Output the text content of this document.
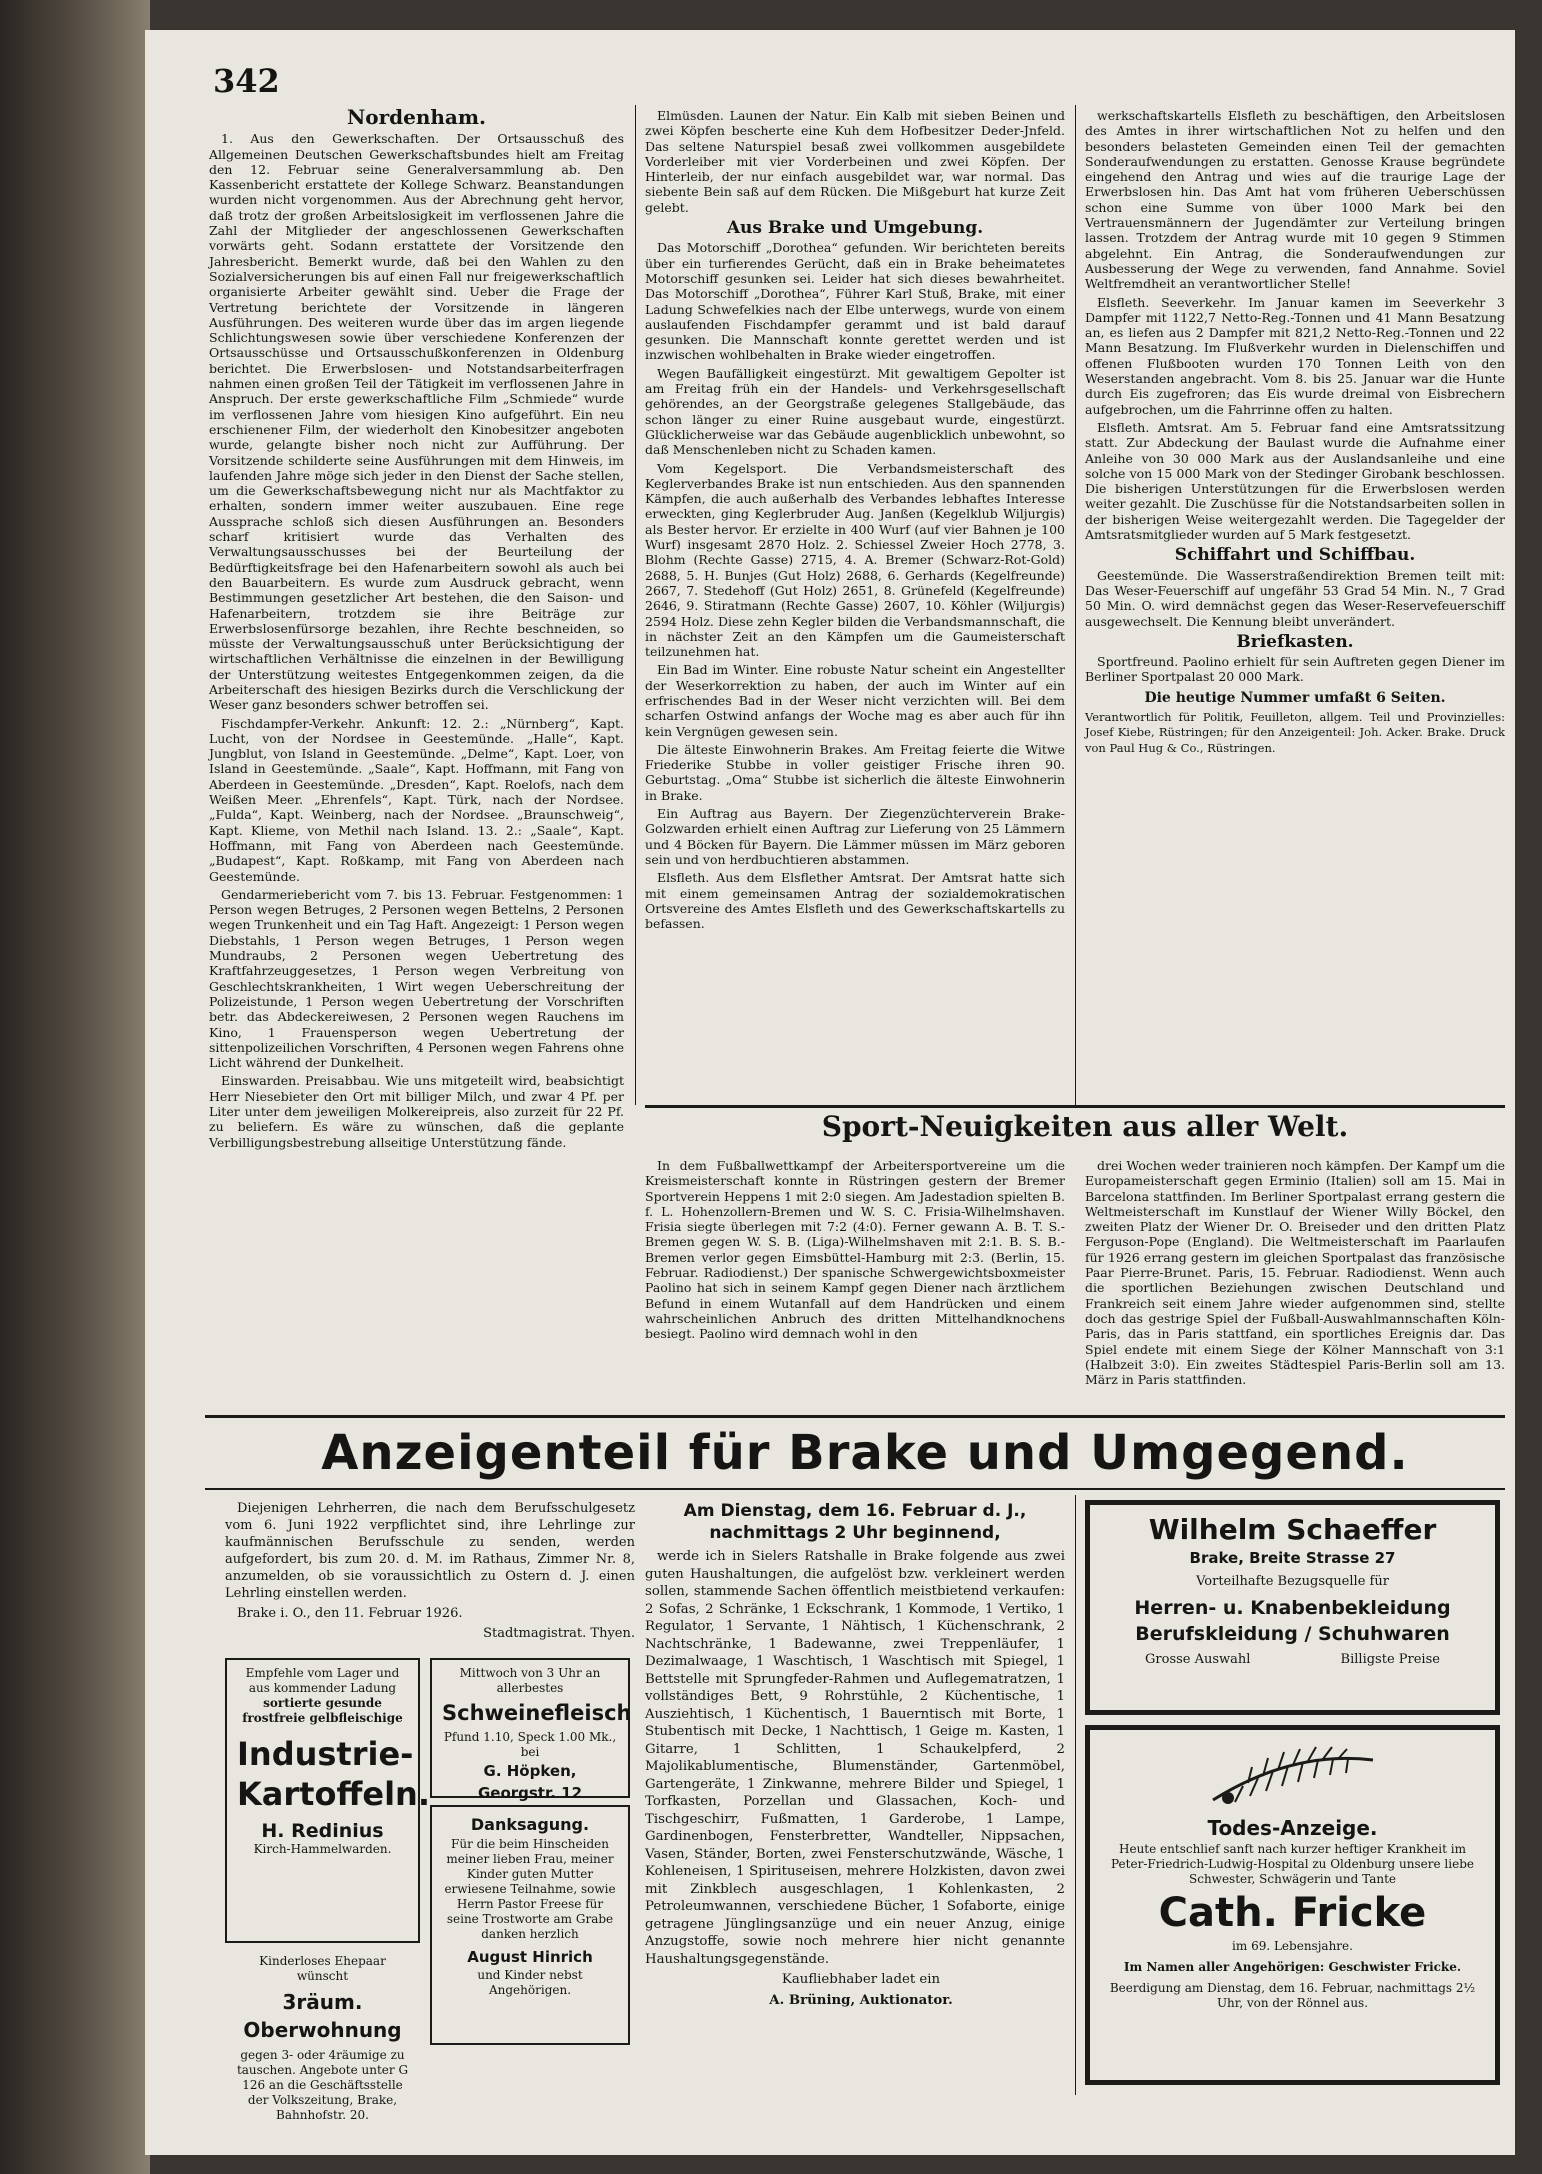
342
Nordenham.

1. Aus den Gewerkschaften. Der Ortsausschuß des Allgemeinen Deutschen Gewerkschaftsbundes hielt am Freitag den 12. Februar seine Generalversammlung ab. Den Kassenbericht erstattete der Kollege Schwarz. Beanstandungen wurden nicht vorgenommen. Aus der Abrechnung geht hervor, daß trotz der großen Arbeitslosigkeit im verflossenen Jahre die Zahl der Mitglieder der angeschlossenen Gewerkschaften vorwärts geht. Sodann erstattete der Vorsitzende den Jahresbericht. Bemerkt wurde, daß bei den Wahlen zu den Sozialversicherungen bis auf einen Fall nur freigewerkschaftlich organisierte Arbeiter gewählt sind. Ueber die Frage der Vertretung berichtete der Vorsitzende in längeren Ausführungen. Des weiteren wurde über das im argen liegende Schlichtungswesen sowie über verschiedene Konferenzen der Ortsausschüsse und Ortsausschußkonferenzen in Oldenburg berichtet. Die Erwerbslosen- und Notstandsarbeiterfragen nahmen einen großen Teil der Tätigkeit im verflossenen Jahre in Anspruch. Der erste gewerkschaftliche Film „Schmiede“ wurde im verflossenen Jahre vom hiesigen Kino aufgeführt. Ein neu erschienener Film, der wiederholt den Kinobesitzer angeboten wurde, gelangte bisher noch nicht zur Aufführung. Der Vorsitzende schilderte seine Ausführungen mit dem Hinweis, im laufenden Jahre möge sich jeder in den Dienst der Sache stellen, um die Gewerkschaftsbewegung nicht nur als Machtfaktor zu erhalten, sondern immer weiter auszubauen. Eine rege Aussprache schloß sich diesen Ausführungen an. Besonders scharf kritisiert wurde das Verhalten des Verwaltungsausschusses bei der Beurteilung der Bedürftigkeitsfrage bei den Hafenarbeitern sowohl als auch bei den Bauarbeitern. Es wurde zum Ausdruck gebracht, wenn Bestimmungen gesetzlicher Art bestehen, die den Saison- und Hafenarbeitern, trotzdem sie ihre Beiträge zur Erwerbslosenfürsorge bezahlen, ihre Rechte beschneiden, so müsste der Verwaltungsausschuß unter Berücksichtigung der wirtschaftlichen Verhältnisse die einzelnen in der Bewilligung der Unterstützung weitestes Entgegenkommen zeigen, da die Arbeiterschaft des hiesigen Bezirks durch die Verschlickung der Weser ganz besonders schwer betroffen sei.

Fischdampfer-Verkehr. Ankunft: 12. 2.: „Nürnberg“, Kapt. Lucht, von der Nordsee in Geestemünde. „Halle“, Kapt. Jungblut, von Island in Geestemünde. „Delme“, Kapt. Loer, von Island in Geestemünde. „Saale“, Kapt. Hoffmann, mit Fang von Aberdeen in Geestemünde. „Dresden“, Kapt. Roelofs, nach dem Weißen Meer. „Ehrenfels“, Kapt. Türk, nach der Nordsee. „Fulda“, Kapt. Weinberg, nach der Nordsee. „Braunschweig“, Kapt. Klieme, von Methil nach Island. 13. 2.: „Saale“, Kapt. Hoffmann, mit Fang von Aberdeen nach Geestemünde. „Budapest“, Kapt. Roßkamp, mit Fang von Aberdeen nach Geestemünde.

Gendarmeriebericht vom 7. bis 13. Februar. Festgenommen: 1 Person wegen Betruges, 2 Personen wegen Bettelns, 2 Personen wegen Trunkenheit und ein Tag Haft. Angezeigt: 1 Person wegen Diebstahls, 1 Person wegen Betruges, 1 Person wegen Mundraubs, 2 Personen wegen Uebertretung des Kraftfahrzeuggesetzes, 1 Person wegen Verbreitung von Geschlechtskrankheiten, 1 Wirt wegen Ueberschreitung der Polizeistunde, 1 Person wegen Uebertretung der Vorschriften betr. das Abdeckereiwesen, 2 Personen wegen Rauchens im Kino, 1 Frauensperson wegen Uebertretung der sittenpolizeilichen Vorschriften, 4 Personen wegen Fahrens ohne Licht während der Dunkelheit.

Einswarden. Preisabbau. Wie uns mitgeteilt wird, beabsichtigt Herr Niesebieter den Ort mit billiger Milch, und zwar 4 Pf. per Liter unter dem jeweiligen Molkereipreis, also zurzeit für 22 Pf. zu beliefern. Es wäre zu wünschen, daß die geplante Verbilligungsbestrebung allseitige Unterstützung fände.

Elmüsden. Launen der Natur. Ein Kalb mit sieben Beinen und zwei Köpfen bescherte eine Kuh dem Hofbesitzer Deder-Jnfeld. Das seltene Naturspiel besaß zwei vollkommen ausgebildete Vorderleiber mit vier Vorderbeinen und zwei Köpfen. Der Hinterleib, der nur einfach ausgebildet war, war normal. Das siebente Bein saß auf dem Rücken. Die Mißgeburt hat kurze Zeit gelebt.

Aus Brake und Umgebung.

Das Motorschiff „Dorothea“ gefunden. Wir berichteten bereits über ein turfierendes Gerücht, daß ein in Brake beheimatetes Motorschiff gesunken sei. Leider hat sich dieses bewahrheitet. Das Motorschiff „Dorothea“, Führer Karl Stuß, Brake, mit einer Ladung Schwefelkies nach der Elbe unterwegs, wurde von einem auslaufenden Fischdampfer gerammt und ist bald darauf gesunken. Die Mannschaft konnte gerettet werden und ist inzwischen wohlbehalten in Brake wieder eingetroffen.

Wegen Baufälligkeit eingestürzt. Mit gewaltigem Gepolter ist am Freitag früh ein der Handels- und Verkehrsgesellschaft gehörendes, an der Georgstraße gelegenes Stallgebäude, das schon länger zu einer Ruine ausgebaut wurde, eingestürzt. Glücklicherweise war das Gebäude augenblicklich unbewohnt, so daß Menschenleben nicht zu Schaden kamen.

Vom Kegelsport. Die Verbandsmeisterschaft des Keglerverbandes Brake ist nun entschieden. Aus den spannenden Kämpfen, die auch außerhalb des Verbandes lebhaftes Interesse erweckten, ging Keglerbruder Aug. Janßen (Kegelklub Wiljurgis) als Bester hervor. Er erzielte in 400 Wurf (auf vier Bahnen je 100 Wurf) insgesamt 2870 Holz. 2. Schiessel Zweier Hoch 2778, 3. Blohm (Rechte Gasse) 2715, 4. A. Bremer (Schwarz-Rot-Gold) 2688, 5. H. Bunjes (Gut Holz) 2688, 6. Gerhards (Kegelfreunde) 2667, 7. Stedehoff (Gut Holz) 2651, 8. Grünefeld (Kegelfreunde) 2646, 9. Stiratmann (Rechte Gasse) 2607, 10. Köhler (Wiljurgis) 2594 Holz. Diese zehn Kegler bilden die Verbandsmannschaft, die in nächster Zeit an den Kämpfen um die Gaumeisterschaft teilzunehmen hat.

Ein Bad im Winter. Eine robuste Natur scheint ein Angestellter der Weserkorrektion zu haben, der auch im Winter auf ein erfrischendes Bad in der Weser nicht verzichten will. Bei dem scharfen Ostwind anfangs der Woche mag es aber auch für ihn kein Vergnügen gewesen sein.

Die älteste Einwohnerin Brakes. Am Freitag feierte die Witwe Friederike Stubbe in voller geistiger Frische ihren 90. Geburtstag. „Oma“ Stubbe ist sicherlich die älteste Einwohnerin in Brake.

Ein Auftrag aus Bayern. Der Ziegenzüchterverein Brake-Golzwarden erhielt einen Auftrag zur Lieferung von 25 Lämmern und 4 Böcken für Bayern. Die Lämmer müssen im März geboren sein und von herdbuchtieren abstammen.

Elsfleth. Aus dem Elsflether Amtsrat. Der Amtsrat hatte sich mit einem gemeinsamen Antrag der sozialdemokratischen Ortsvereine des Amtes Elsfleth und des Gewerkschaftskartells zu befassen.

werkschaftskartells Elsfleth zu beschäftigen, den Arbeitslosen des Amtes in ihrer wirtschaftlichen Not zu helfen und den besonders belasteten Gemeinden einen Teil der gemachten Sonderaufwendungen zu erstatten. Genosse Krause begründete eingehend den Antrag und wies auf die traurige Lage der Erwerbslosen hin. Das Amt hat vom früheren Ueberschüssen schon eine Summe von über 1000 Mark bei den Vertrauensmännern der Jugendämter zur Verteilung bringen lassen. Trotzdem der Antrag wurde mit 10 gegen 9 Stimmen abgelehnt. Ein Antrag, die Sonderaufwendungen zur Ausbesserung der Wege zu verwenden, fand Annahme. Soviel Weltfremdheit an verantwortlicher Stelle!

Elsfleth. Seeverkehr. Im Januar kamen im Seeverkehr 3 Dampfer mit 1122,7 Netto-Reg.-Tonnen und 41 Mann Besatzung an, es liefen aus 2 Dampfer mit 821,2 Netto-Reg.-Tonnen und 22 Mann Besatzung. Im Flußverkehr wurden in Dielenschiffen und offenen Flußbooten wurden 170 Tonnen Leith von den Weserstanden angebracht. Vom 8. bis 25. Januar war die Hunte durch Eis zugefroren; das Eis wurde dreimal von Eisbrechern aufgebrochen, um die Fahrrinne offen zu halten.

Elsfleth. Amtsrat. Am 5. Februar fand eine Amtsratssitzung statt. Zur Abdeckung der Baulast wurde die Aufnahme einer Anleihe von 30 000 Mark aus der Auslandsanleihe und eine solche von 15 000 Mark von der Stedinger Girobank beschlossen. Die bisherigen Unterstützungen für die Erwerbslosen werden weiter gezahlt. Die Zuschüsse für die Notstandsarbeiten sollen in der bisherigen Weise weitergezahlt werden. Die Tagegelder der Amtsratsmitglieder wurden auf 5 Mark festgesetzt.

Schiffahrt und Schiffbau.

Geestemünde. Die Wasserstraßendirektion Bremen teilt mit: Das Weser-Feuerschiff auf ungefähr 53 Grad 54 Min. N., 7 Grad 50 Min. O. wird demnächst gegen das Weser-Reservefeuerschiff ausgewechselt. Die Kennung bleibt unverändert.

Briefkasten.

Sportfreund. Paolino erhielt für sein Auftreten gegen Diener im Berliner Sportpalast 20 000 Mark.

Die heutige Nummer umfaßt 6 Seiten.

Verantwortlich für Politik, Feuilleton, allgem. Teil und Provinzielles: Josef Kiebe, Rüstringen; für den Anzeigenteil: Joh. Acker. Brake. Druck von Paul Hug & Co., Rüstringen.

Sport-Neuigkeiten aus aller Welt.

In dem Fußballwettkampf der Arbeitersportvereine um die Kreismeisterschaft konnte in Rüstringen gestern der Bremer Sportverein Heppens 1 mit 2:0 siegen. Am Jadestadion spielten B. f. L. Hohenzollern-Bremen und W. S. C. Frisia-Wilhelmshaven. Frisia siegte überlegen mit 7:2 (4:0). Ferner gewann A. B. T. S.-Bremen gegen W. S. B. (Liga)-Wilhelmshaven mit 2:1. B. S. B.-Bremen verlor gegen Eimsbüttel-Hamburg mit 2:3. (Berlin, 15. Februar. Radiodienst.) Der spanische Schwergewichtsboxmeister Paolino hat sich in seinem Kampf gegen Diener nach ärztlichem Befund in einem Wutanfall auf dem Handrücken und einem wahrscheinlichen Anbruch des dritten Mittelhandknochens besiegt. Paolino wird demnach wohl in den

drei Wochen weder trainieren noch kämpfen. Der Kampf um die Europameisterschaft gegen Erminio (Italien) soll am 15. Mai in Barcelona stattfinden. Im Berliner Sportpalast errang gestern die Weltmeisterschaft im Kunstlauf der Wiener Willy Böckel, den zweiten Platz der Wiener Dr. O. Breiseder und den dritten Platz Ferguson-Pope (England). Die Weltmeisterschaft im Paarlaufen für 1926 errang gestern im gleichen Sportpalast das französische Paar Pierre-Brunet. Paris, 15. Februar. Radiodienst. Wenn auch die sportlichen Beziehungen zwischen Deutschland und Frankreich seit einem Jahre wieder aufgenommen sind, stellte doch das gestrige Spiel der Fußball-Auswahlmannschaften Köln-Paris, das in Paris stattfand, ein sportliches Ereignis dar. Das Spiel endete mit einem Siege der Kölner Mannschaft von 3:1 (Halbzeit 3:0). Ein zweites Städtespiel Paris-Berlin soll am 13. März in Paris stattfinden.

Anzeigenteil für Brake und Umgegend.

Diejenigen Lehrherren, die nach dem Berufsschulgesetz vom 6. Juni 1922 verpflichtet sind, ihre Lehrlinge zur kaufmännischen Berufsschule zu senden, werden aufgefordert, bis zum 20. d. M. im Rathaus, Zimmer Nr. 8, anzumelden, ob sie voraussichtlich zu Ostern d. J. einen Lehrling einstellen werden.

Brake i. O., den 11. Februar 1926.

Stadtmagistrat. Thyen.

Empfehle vom Lager und aus kommender Ladung
sortierte gesunde frostfreie gelbfleischige
Industrie-Kartoffeln.
H. Redinius
Kirch-Hammelwarden.
Kinderloses Ehepaar wünscht
3räum. Oberwohnung
gegen 3- oder 4räumige zu tauschen. Angebote unter G 126 an die Geschäftsstelle der Volkszeitung, Brake, Bahnhofstr. 20.
Mittwoch von 3 Uhr an allerbestes
Schweinefleisch
Pfund 1.10, Speck 1.00 Mk., bei
G. Höpken, Georgstr. 12
Danksagung.
Für die beim Hinscheiden meiner lieben Frau, meiner Kinder guten Mutter erwiesene Teilnahme, sowie Herrn Pastor Freese für seine Trostworte am Grabe danken herzlich
August Hinrich
und Kinder nebst Angehörigen.
Am Dienstag, dem 16. Februar d. J., nachmittags 2 Uhr beginnend,

werde ich in Sielers Ratshalle in Brake folgende aus zwei guten Haushaltungen, die aufgelöst bzw. verkleinert werden sollen, stammende Sachen öffentlich meistbietend verkaufen: 2 Sofas, 2 Schränke, 1 Eckschrank, 1 Kommode, 1 Vertiko, 1 Regulator, 1 Servante, 1 Nähtisch, 1 Küchenschrank, 2 Nachtschränke, 1 Badewanne, zwei Treppenläufer, 1 Dezimalwaage, 1 Waschtisch, 1 Waschtisch mit Spiegel, 1 Bettstelle mit Sprungfeder-Rahmen und Auflegematratzen, 1 vollständiges Bett, 9 Rohrstühle, 2 Küchentische, 1 Ausziehtisch, 1 Küchentisch, 1 Bauerntisch mit Borte, 1 Stubentisch mit Decke, 1 Nachttisch, 1 Geige m. Kasten, 1 Gitarre, 1 Schlitten, 1 Schaukelpferd, 2 Majolikablumentische, Blumenständer, Gartenmöbel, Gartengeräte, 1 Zinkwanne, mehrere Bilder und Spiegel, 1 Torfkasten, Porzellan und Glassachen, Koch- und Tischgeschirr, Fußmatten, 1 Garderobe, 1 Lampe, Gardinenbogen, Fensterbretter, Wandteller, Nippsachen, Vasen, Ständer, Borten, zwei Fensterschutzwände, Wäsche, 1 Kohleneisen, 1 Spirituseisen, mehrere Holzkisten, davon zwei mit Zinkblech ausgeschlagen, 1 Kohlenkasten, 2 Petroleumwannen, verschiedene Bücher, 1 Sofaborte, einige getragene Jünglingsanzüge und ein neuer Anzug, einige Anzugstoffe, sowie noch mehrere hier nicht genannte Haushaltungsgegenstände.

Kaufliebhaber ladet ein

A. Brüning, Auktionator.

Wilhelm Schaeffer
Brake, Breite Strasse 27
Vorteilhafte Bezugsquelle für
Herren- u. Knabenbekleidung
Berufskleidung / Schuhwaren
Grosse Auswahl	Billigste Preise
Todes-Anzeige.
Heute entschlief sanft nach kurzer heftiger Krankheit im Peter-Friedrich-Ludwig-Hospital zu Oldenburg unsere liebe Schwester, Schwägerin und Tante
Cath. Fricke
im 69. Lebensjahre.
Im Namen aller Angehörigen: Geschwister Fricke.
Beerdigung am Dienstag, dem 16. Februar, nachmittags 2½ Uhr, von der Rönnel aus.
